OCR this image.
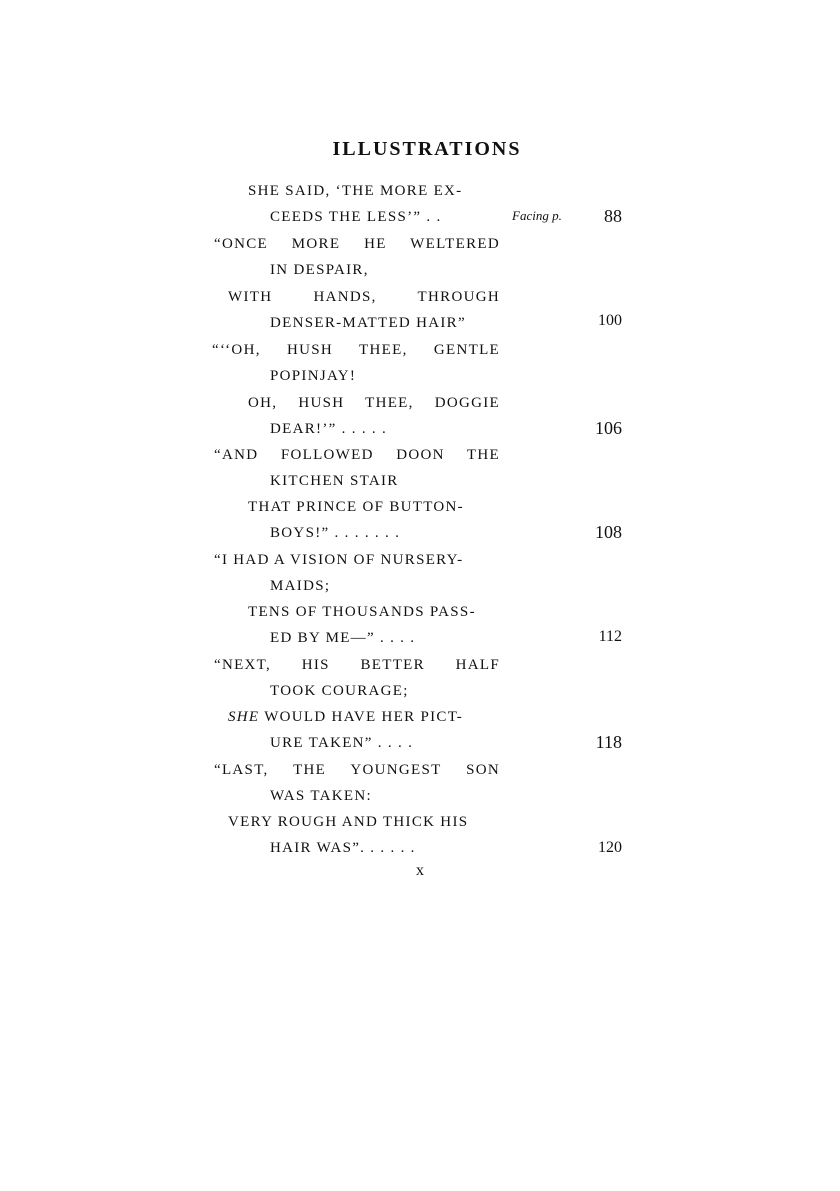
ILLUSTRATIONS
SHE SAID, ‘THE MORE EX-
CEEDS THE LESS’” . .	Facing p. 88
“ONCE MORE HE WELTERED
IN DESPAIR,
WITH HANDS, THROUGH
DENSER-MATTED HAIR”	100
“‘‘OH, HUSH THEE, GENTLE
POPINJAY!
OH, HUSH THEE, DOGGIE
DEAR!’” . . . . .	106
“AND FOLLOWED DOON THE
KITCHEN STAIR
THAT PRINCE OF BUTTON-
BOYS!” . . . . . . .	108
“I HAD A VISION OF NURSERY-
MAIDS;
TENS OF THOUSANDS PASS-
ED BY ME—” . . . .	112
“NEXT, HIS BETTER HALF
TOOK COURAGE;
SHE WOULD HAVE HER PICT-
URE TAKEN” . . . .	118
“LAST, THE YOUNGEST SON
WAS TAKEN:
VERY ROUGH AND THICK HIS
HAIR WAS”. . . . . .	120
x
